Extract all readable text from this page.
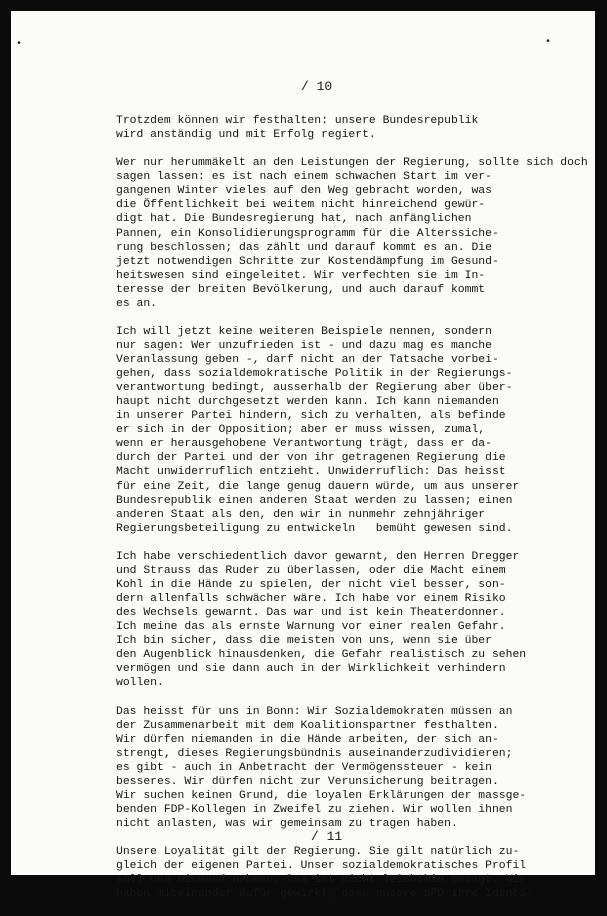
•	•
/ 10
Trotzdem können wir festhalten: unsere Bundesrepublik
wird anständig und mit Erfolg regiert.
Wer nur herummäkelt an den Leistungen der Regierung, sollte sich doch
sagen lassen: es ist nach einem schwachen Start im ver-
gangenen Winter vieles auf den Weg gebracht worden, was
die Öffentlichkeit bei weitem nicht hinreichend gewür-
digt hat. Die Bundesregierung hat, nach anfänglichen
Pannen, ein Konsolidierungsprogramm für die Alterssiche-
rung beschlossen; das zählt und darauf kommt es an. Die
jetzt notwendigen Schritte zur Kostendämpfung im Gesund-
heitswesen sind eingeleitet. Wir verfechten sie im In-
teresse der breiten Bevölkerung, und auch darauf kommt
es an.
Ich will jetzt keine weiteren Beispiele nennen, sondern
nur sagen: Wer unzufrieden ist - und dazu mag es manche
Veranlassung geben -, darf nicht an der Tatsache vorbei-
gehen, dass sozialdemokratische Politik in der Regierungs-
verantwortung bedingt, ausserhalb der Regierung aber über-
haupt nicht durchgesetzt werden kann. Ich kann niemanden
in unserer Partei hindern, sich zu verhalten, als befinde
er sich in der Opposition; aber er muss wissen, zumal,
wenn er herausgehobene Verantwortung trägt, dass er da-
durch der Partei und der von ihr getragenen Regierung die
Macht unwiderruflich entzieht. Unwiderruflich: Das heisst
für eine Zeit, die lange genug dauern würde, um aus unserer
Bundesrepublik einen anderen Staat werden zu lassen; einen
anderen Staat als den, den wir in nunmehr zehnjähriger
Regierungsbeteiligung zu entwickeln   bemüht gewesen sind.
Ich habe verschiedentlich davor gewarnt, den Herren Dregger
und Strauss das Ruder zu überlassen, oder die Macht einem
Kohl in die Hände zu spielen, der nicht viel besser, son-
dern allenfalls schwächer wäre. Ich habe vor einem Risiko
des Wechsels gewarnt. Das war und ist kein Theaterdonner.
Ich meine das als ernste Warnung vor einer realen Gefahr.
Ich bin sicher, dass die meisten von uns, wenn sie über
den Augenblick hinausdenken, die Gefahr realistisch zu sehen
vermögen und sie dann auch in der Wirklichkeit verhindern
wollen.
Das heisst für uns in Bonn: Wir Sozialdemokraten müssen an
der Zusammenarbeit mit dem Koalitionspartner festhalten.
Wir dürfen niemanden in die Hände arbeiten, der sich an-
strengt, dieses Regierungsbündnis auseinanderzudividieren;
es gibt - auch in Anbetracht der Vermögenssteuer - kein
besseres. Wir dürfen nicht zur Verunsicherung beitragen.
Wir suchen keinen Grund, die loyalen Erklärungen der massge-
benden FDP-Kollegen in Zweifel zu ziehen. Wir wollen ihnen
nicht anlasten, was wir gemeinsam zu tragen haben.
Unsere Loyalität gilt der Regierung. Sie gilt natürlich zu-
gleich der eigenen Partei. Unser sozialdemokratisches Profil
soll uns niemand nehmen. Das ist nicht leichthin gesagt. Wir
haben miteinander dafür gewirkt, dass unsere SPD ihre Identi-
/ 11
